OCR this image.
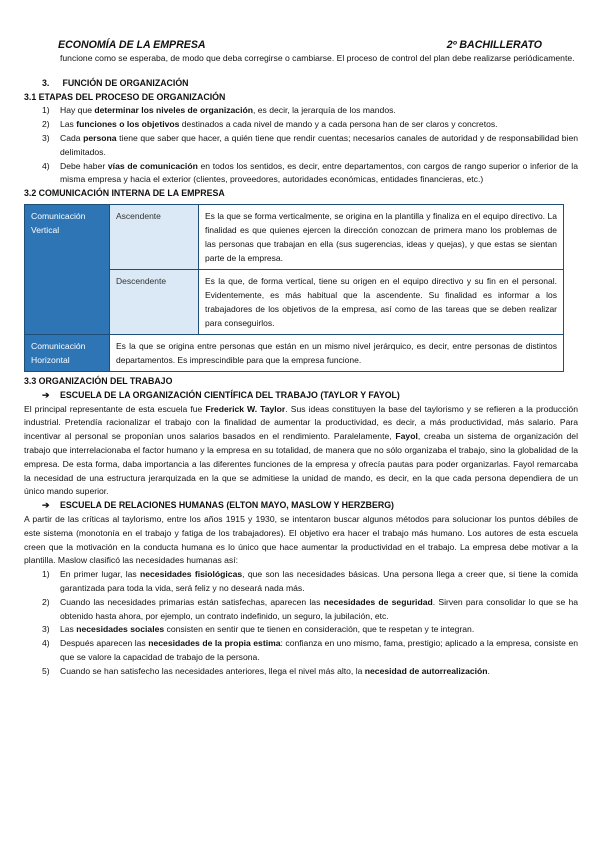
ECONOMÍA DE LA EMPRESA	2º BACHILLERATO

funcione como se esperaba, de modo que deba corregirse o cambiarse. El proceso de control del plan debe realizarse periódicamente.

3. FUNCIÓN DE ORGANIZACIÓN
3.1 ETAPAS DEL PROCESO DE ORGANIZACIÓN
1)	Hay que determinar los niveles de organización, es decir, la jerarquía de los mandos.
2)	Las funciones o los objetivos destinados a cada nivel de mando y a cada persona han de ser claros y concretos.
3)	Cada persona tiene que saber que hacer, a quién tiene que rendir cuentas; necesarios canales de autoridad y de responsabilidad bien delimitados.
4)	Debe haber vías de comunicación en todos los sentidos, es decir, entre departamentos, con cargos de rango superior o inferior de la misma empresa y hacia el exterior (clientes, proveedores, autoridades económicas, entidades financieras, etc.)
3.2 COMUNICACIÓN INTERNA DE LA EMPRESA
Comunicación Vertical	Ascendente	Es la que se forma verticalmente, se origina en la plantilla y finaliza en el equipo directivo. La finalidad es que quienes ejercen la dirección conozcan de primera mano los problemas de las personas que trabajan en ella (sus sugerencias, ideas y quejas), y que estas se sientan parte de la empresa.
	Descendente	Es la que, de forma vertical, tiene su origen en el equipo directivo y su fin en el personal. Evidentemente, es más habitual que la ascendente. Su finalidad es informar a los trabajadores de los objetivos de la empresa, así como de las tareas que se deben realizar para conseguirlos.
Comunicación Horizontal	Es la que se origina entre personas que están en un mismo nivel jerárquico, es decir, entre personas de distintos departamentos. Es imprescindible para que la empresa funcione.	
3.3 ORGANIZACIÓN DEL TRABAJO
➔	ESCUELA DE LA ORGANIZACIÓN CIENTÍFICA DEL TRABAJO (TAYLOR Y FAYOL)

El principal representante de esta escuela fue Frederick W. Taylor. Sus ideas constituyen la base del taylorismo y se refieren a la producción industrial. Pretendía racionalizar el trabajo con la finalidad de aumentar la productividad, es decir, a más productividad, más salario. Para incentivar al personal se proponían unos salarios basados en el rendimiento. Paralelamente, Fayol, creaba un sistema de organización del trabajo que interrelacionaba el factor humano y la empresa en su totalidad, de manera que no sólo organizaba el trabajo, sino la globalidad de la empresa. De esta forma, daba importancia a las diferentes funciones de la empresa y ofrecía pautas para poder organizarlas. Fayol remarcaba la necesidad de una estructura jerarquizada en la que se admitiese la unidad de mando, es decir, en la que cada persona dependiera de un único mando superior.

➔	ESCUELA DE RELACIONES HUMANAS (ELTON MAYO, MASLOW Y HERZBERG)

A partir de las críticas al taylorismo, entre los años 1915 y 1930, se intentaron buscar algunos métodos para solucionar los puntos débiles de este sistema (monotonía en el trabajo y fatiga de los trabajadores). El objetivo era hacer el trabajo más humano. Los autores de esta escuela creen que la motivación en la conducta humana es lo único que hace aumentar la productividad en el trabajo. La empresa debe motivar a la plantilla. Maslow clasificó las necesidades humanas así:

1)	En primer lugar, las necesidades fisiológicas, que son las necesidades básicas. Una persona llega a creer que, si tiene la comida garantizada para toda la vida, será feliz y no deseará nada más.
2)	Cuando las necesidades primarias están satisfechas, aparecen las necesidades de seguridad. Sirven para consolidar lo que se ha obtenido hasta ahora, por ejemplo, un contrato indefinido, un seguro, la jubilación, etc.
3)	Las necesidades sociales consisten en sentir que te tienen en consideración, que te respetan y te integran.
4)	Después aparecen las necesidades de la propia estima: confianza en uno mismo, fama, prestigio; aplicado a la empresa, consiste en que se valore la capacidad de trabajo de la persona.
5)	Cuando se han satisfecho las necesidades anteriores, llega el nivel más alto, la necesidad de autorrealización.
